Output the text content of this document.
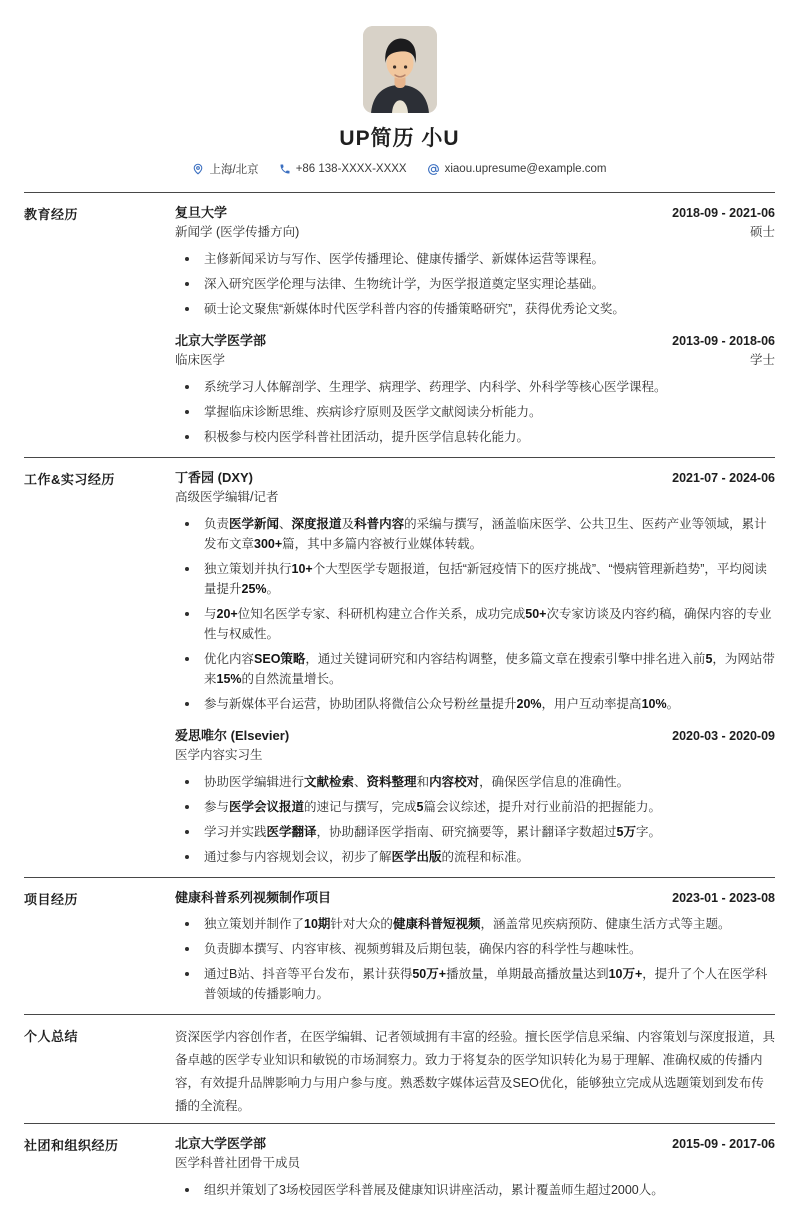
UP简历 小U
上海/北京	+86 138-XXXX-XXXX	xiaou.upresume@example.com
教育经历	复旦大学	2018-09 - 2021-06
新闻学 (医学传播方向)	硕士
主修新闻采访与写作、医学传播理论、健康传播学、新媒体运营等课程。
深入研究医学伦理与法律、生物统计学，为医学报道奠定坚实理论基础。
硕士论文聚焦“新媒体时代医学科普内容的传播策略研究”，获得优秀论文奖。
北京大学医学部	2013-09 - 2018-06
临床医学	学士
系统学习人体解剖学、生理学、病理学、药理学、内科学、外科学等核心医学课程。
掌握临床诊断思维、疾病诊疗原则及医学文献阅读分析能力。
积极参与校内医学科普社团活动，提升医学信息转化能力。
工作&实习经历	丁香园 (DXY)	2021-07 - 2024-06
高级医学编辑/记者
负责医学新闻、深度报道及科普内容的采编与撰写，涵盖临床医学、公共卫生、医药产业等领域，累计发布文章300+篇，其中多篇内容被行业媒体转载。
独立策划并执行10+个大型医学专题报道，包括“新冠疫情下的医疗挑战”、“慢病管理新趋势”，平均阅读量提升25%。
与20+位知名医学专家、科研机构建立合作关系，成功完成50+次专家访谈及内容约稿，确保内容的专业性与权威性。
优化内容SEO策略，通过关键词研究和内容结构调整，使多篇文章在搜索引擎中排名进入前5，为网站带来15%的自然流量增长。
参与新媒体平台运营，协助团队将微信公众号粉丝量提升20%，用户互动率提高10%。
爱思唯尔 (Elsevier)	2020-03 - 2020-09
医学内容实习生
协助医学编辑进行文献检索、资料整理和内容校对，确保医学信息的准确性。
参与医学会议报道的速记与撰写，完成5篇会议综述，提升对行业前沿的把握能力。
学习并实践医学翻译，协助翻译医学指南、研究摘要等，累计翻译字数超过5万字。
通过参与内容规划会议，初步了解医学出版的流程和标准。
项目经历	健康科普系列视频制作项目	2023-01 - 2023-08
独立策划并制作了10期针对大众的健康科普短视频，涵盖常见疾病预防、健康生活方式等主题。
负责脚本撰写、内容审核、视频剪辑及后期包装，确保内容的科学性与趣味性。
通过B站、抖音等平台发布，累计获得50万+播放量，单期最高播放量达到10万+，提升了个人在医学科普领域的传播影响力。
个人总结	资深医学内容创作者，在医学编辑、记者领域拥有丰富的经验。擅长医学信息采编、内容策划与深度报道，具备卓越的医学专业知识和敏锐的市场洞察力。致力于将复杂的医学知识转化为易于理解、准确权威的传播内容，有效提升品牌影响力与用户参与度。熟悉数字媒体运营及SEO优化，能够独立完成从选题策划到发布传播的全流程。

社团和组织经历	北京大学医学部	2015-09 - 2017-06
医学科普社团骨干成员
组织并策划了3场校园医学科普展及健康知识讲座活动，累计覆盖师生超过2000人。
